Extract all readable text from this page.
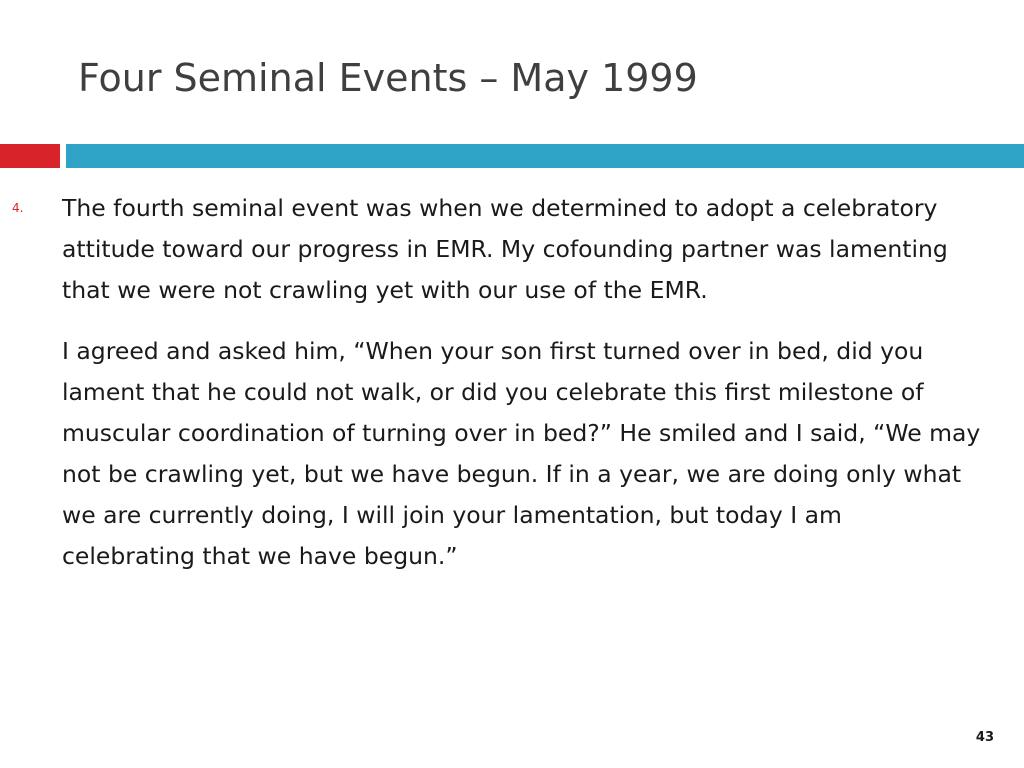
Four Seminal Events – May 1999
4. The fourth seminal event was when we determined to adopt a celebratory attitude toward our progress in EMR. My cofounding partner was lamenting that we were not crawling yet with our use of the EMR.

I agreed and asked him, “When your son first turned over in bed, did you lament that he could not walk, or did you celebrate this first milestone of muscular coordination of turning over in bed?” He smiled and I said, “We may not be crawling yet, but we have begun. If in a year, we are doing only what we are currently doing, I will join your lamentation, but today I am celebrating that we have begun.”

43
